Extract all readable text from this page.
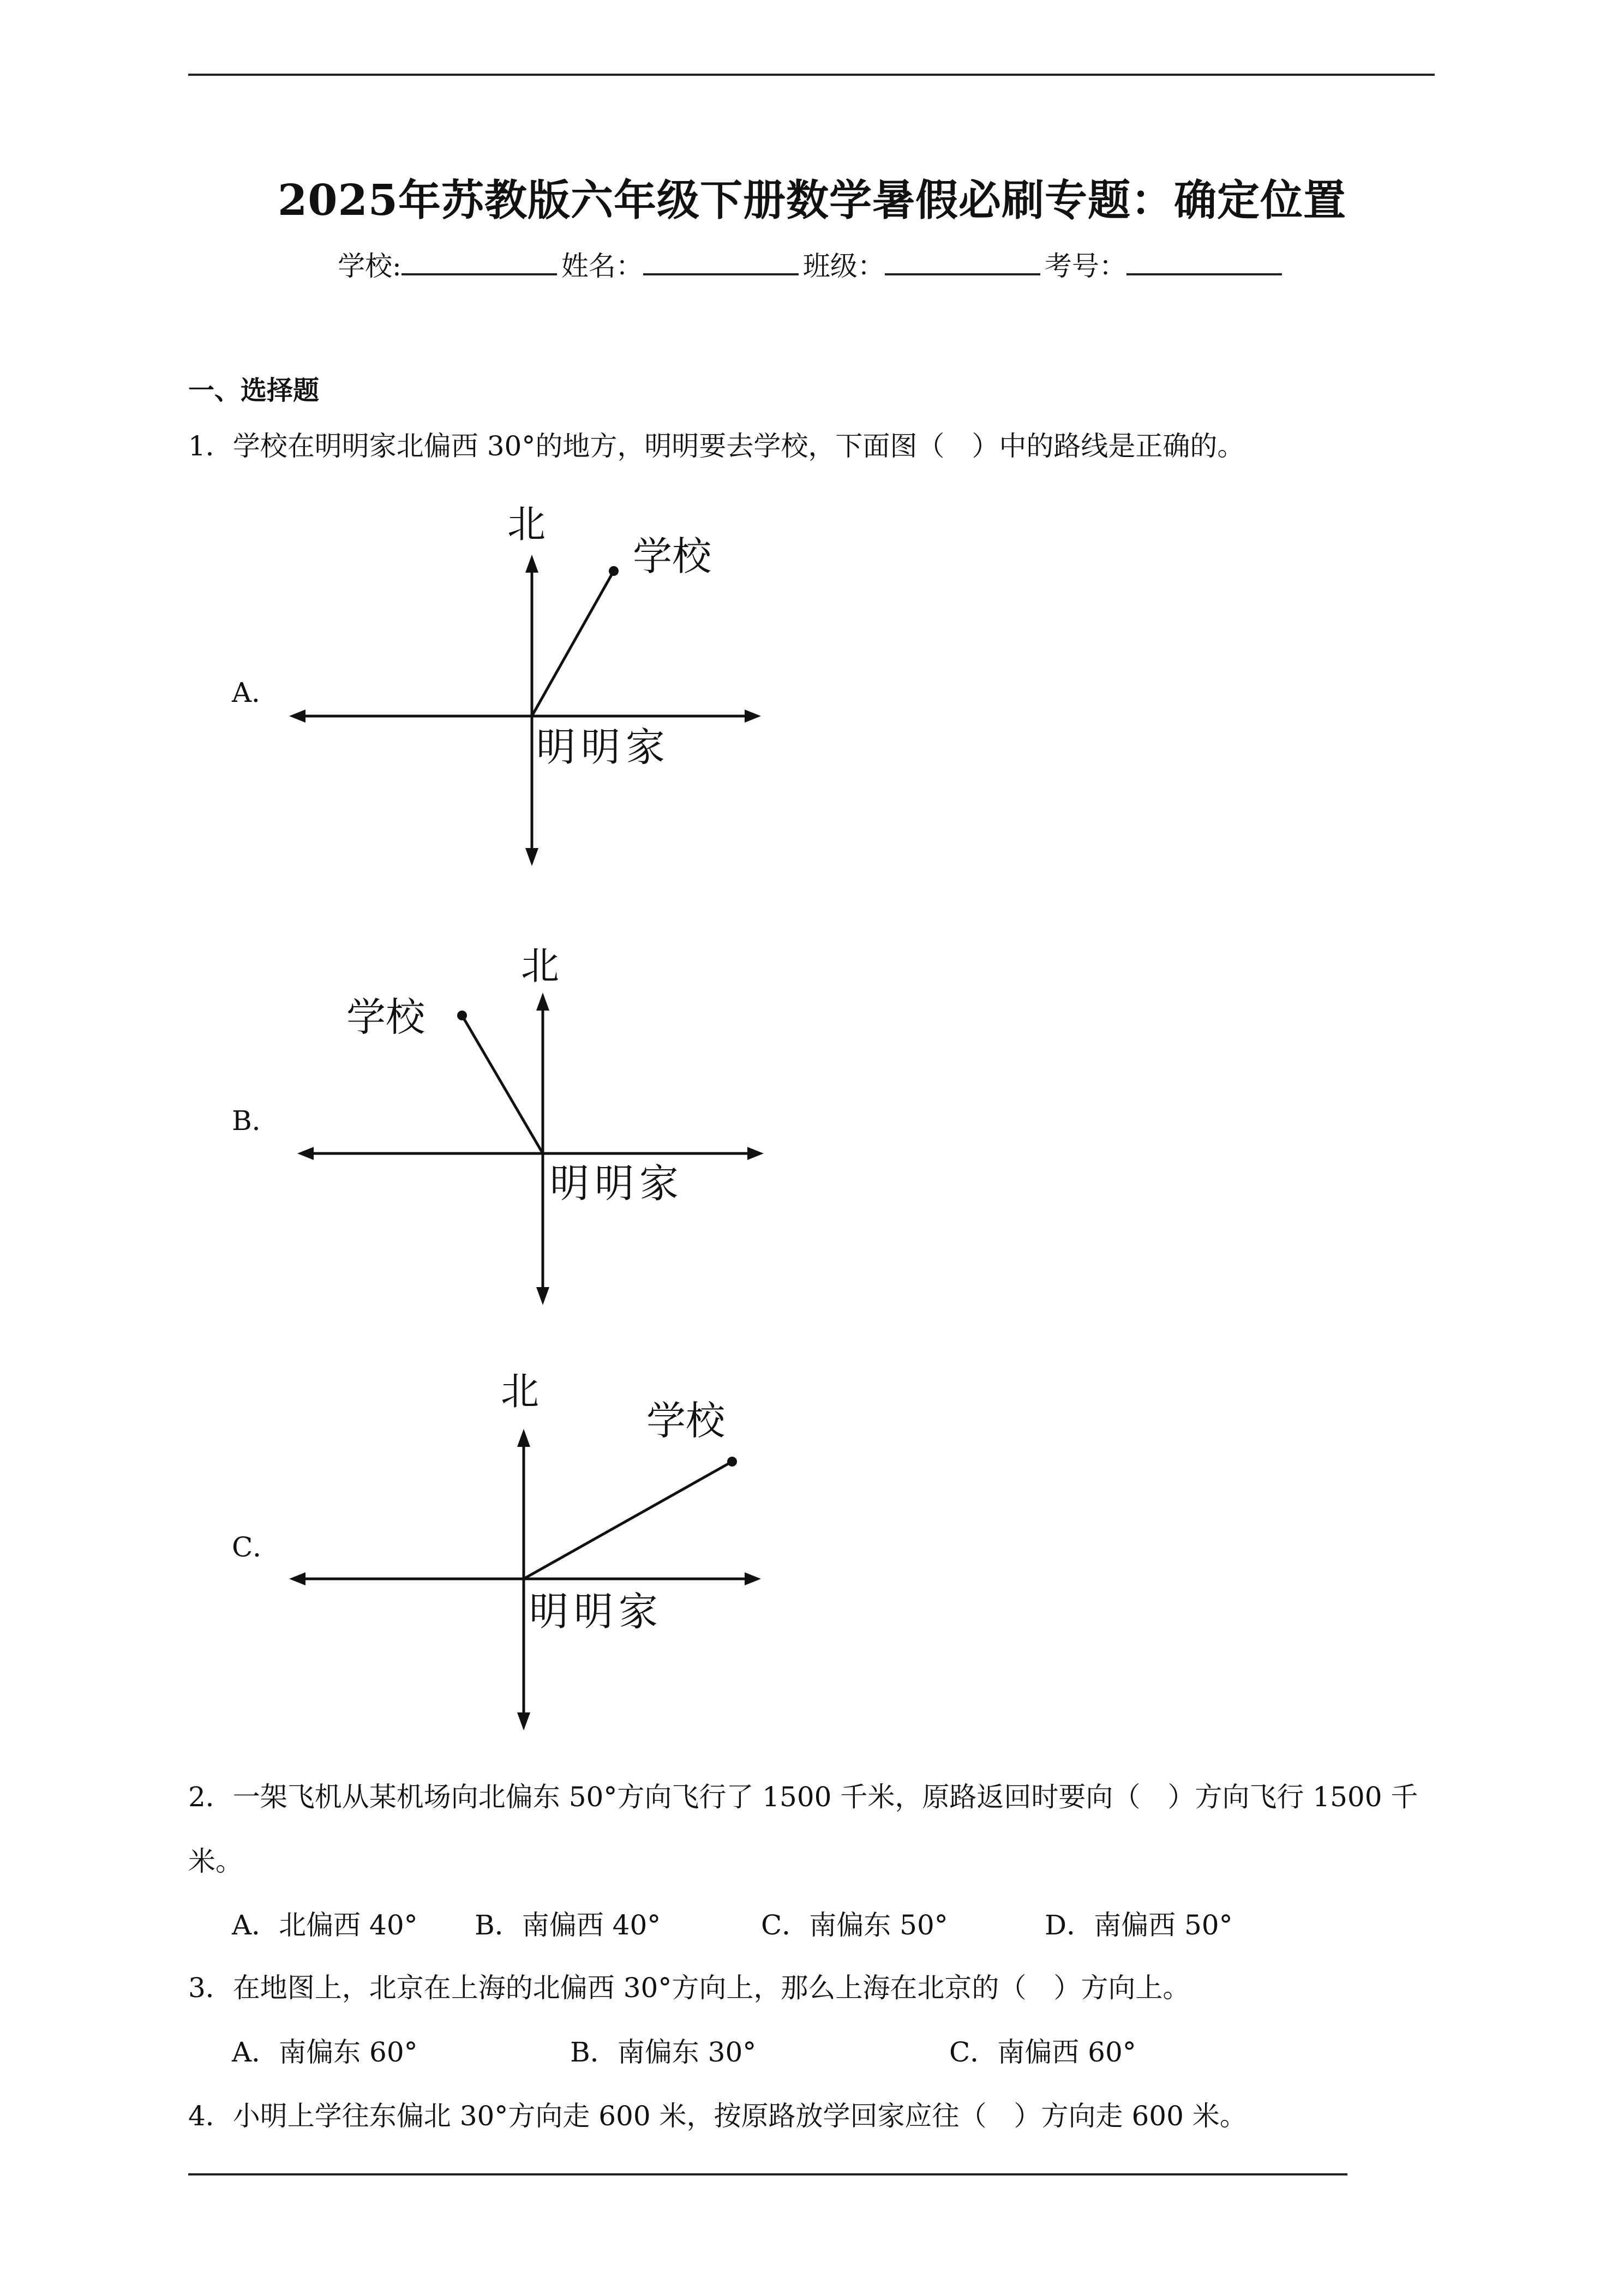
2025年苏教版六年级下册数学暑假必刷专题：确定位置
学校:	姓名：	班级：	考号：
一、选择题
1．学校在明明家北偏西 30°的地方，明明要去学校，下面图（　）中的路线是正确的。
A．
北
学校
明明家
B．
北
学校
明明家
C．
北
学校
明明家
2．一架飞机从某机场向北偏东 50°方向飞行了 1500 千米，原路返回时要向（　）方向飞行 1500 千
米。
A．北偏西 40° B．南偏西 40°	C．南偏东 50°	D．南偏西 50°
3．在地图上，北京在上海的北偏西 30°方向上，那么上海在北京的（　）方向上。
A．南偏东 60°	B．南偏东 30°	C．南偏西 60°
4．小明上学往东偏北 30°方向走 600 米，按原路放学回家应往（　）方向走 600 米。
